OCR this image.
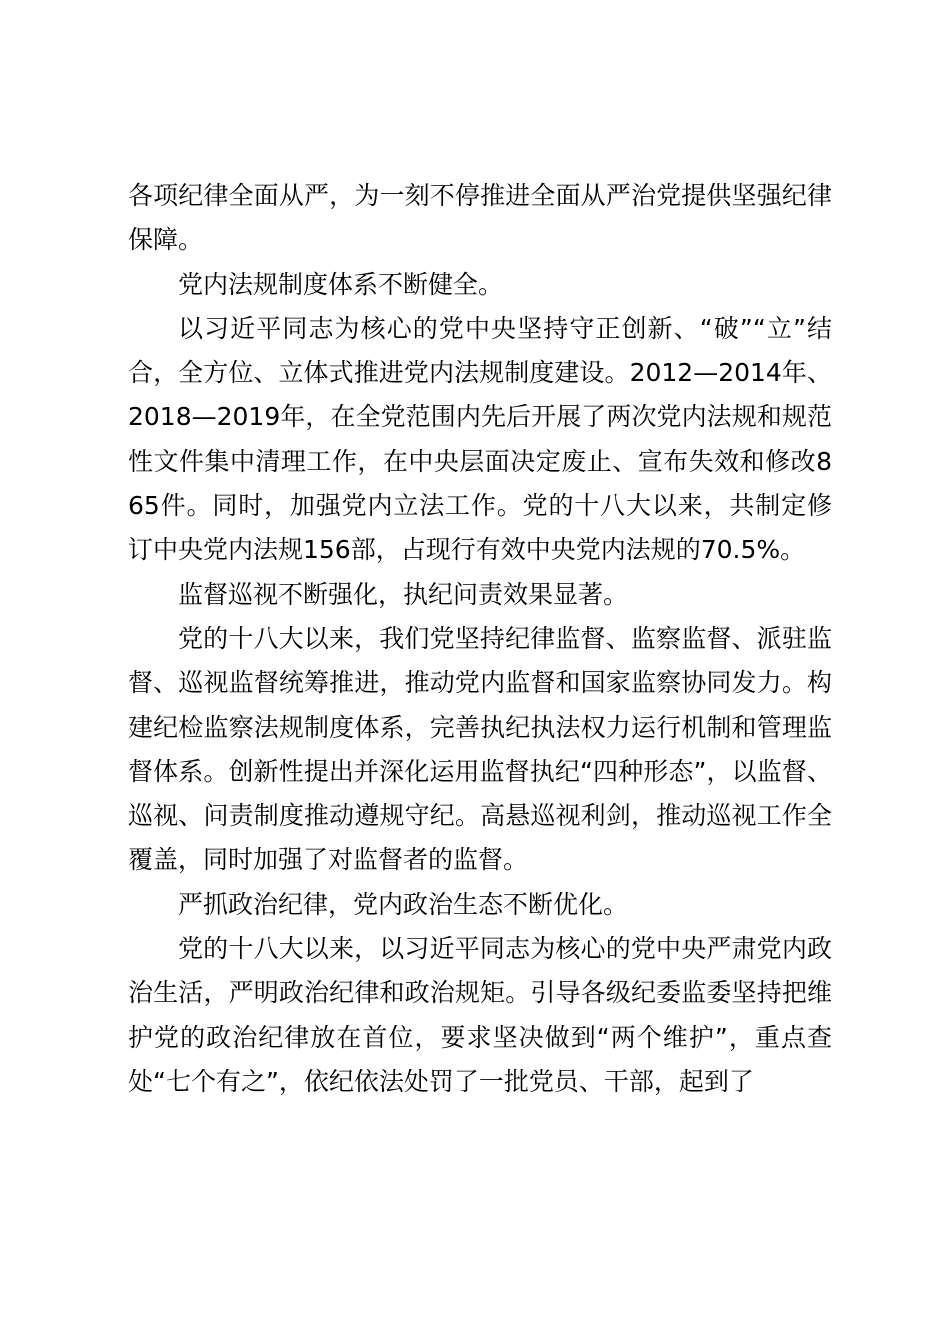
各项纪律全面从严，为一刻不停推进全面从严治党提供坚强纪律保障。

党内法规制度体系不断健全。

以习近平同志为核心的党中央坚持守正创新、“破”“立”结合，全方位、立体式推进党内法规制度建设。2012—2014年、2018—2019年，在全党范围内先后开展了两次党内法规和规范性文件集中清理工作，在中央层面决定废止、宣布失效和修改865件。同时，加强党内立法工作。党的十八大以来，共制定修订中央党内法规156部，占现行有效中央党内法规的70.5%。

监督巡视不断强化，执纪问责效果显著。

党的十八大以来，我们党坚持纪律监督、监察监督、派驻监督、巡视监督统筹推进，推动党内监督和国家监察协同发力。构建纪检监察法规制度体系，完善执纪执法权力运行机制和管理监督体系。创新性提出并深化运用监督执纪“四种形态”，以监督、巡视、问责制度推动遵规守纪。高悬巡视利剑，推动巡视工作全覆盖，同时加强了对监督者的监督。

严抓政治纪律，党内政治生态不断优化。

党的十八大以来，以习近平同志为核心的党中央严肃党内政治生活，严明政治纪律和政治规矩。引导各级纪委监委坚持把维护党的政治纪律放在首位，要求坚决做到“两个维护”，重点查处“七个有之”，依纪依法处罚了一批党员、干部，起到了
